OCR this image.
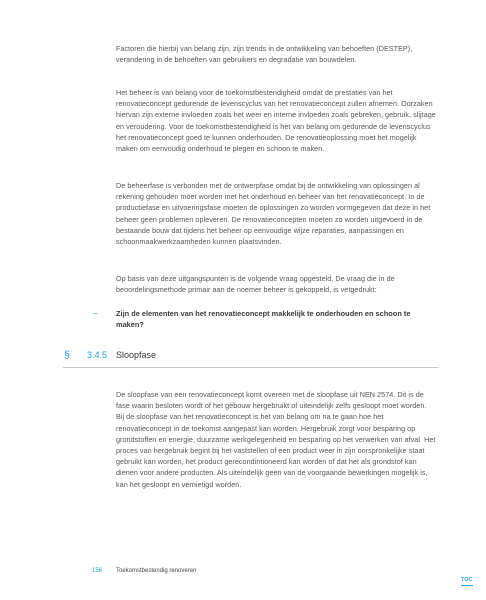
Factoren die hierbij van belang zijn, zijn trends in de ontwikkeling van behoeften (DESTEP), verandering in de behoeften van gebruikers en degradatie van bouwdelen.

Het beheer is van belang voor de toekomstbestendigheid omdat de prestaties van het renovatieconcept gedurende de levenscyclus van het renovatieconcept zullen afnemen. Oorzaken hiervan zijn externe invloeden zoals het weer en interne invloeden zoals gebreken, gebruik, slijtage en veroudering. Voor de toekomstbestendigheid is het van belang om gedurende de levenscyclus het renovatieconcept goed te kunnen onderhouden. De renovatieoplossing moet het mogelijk maken om eenvoudig onderhoud te plegen en schoon te maken.

De beheerfase is verbonden met de ontwerpfase omdat bij de ontwikkeling van oplossingen al rekening gehouden moet worden met het onderhoud en beheer van het renovatieconcept. In de productiefase en uitvoeringsfase moeten de oplossingen zo worden vormgegeven dat deze in het beheer geen problemen opleveren. De renovatieconcepten moeten zo worden uitgevoerd in de bestaande bouw dat tijdens het beheer op eenvoudige wijze reparaties, aanpassingen en schoonmaakwerkzaamheden kunnen plaatsvinden.

Op basis van deze uitgangspunten is de volgende vraag opgesteld. De vraag die in de beoordelingsmethode primair aan de noemer beheer is gekoppeld, is vetgedrukt:

–	Zijn de elementen van het renovatieconcept makkelijk te onderhouden en schoon te maken?

§ 3.4.5 Sloopfase

De sloopfase van een renovatieconcept komt overeen met de sloopfase uit NEN 2574. Dit is de fase waarin besloten wordt of het gebouw hergebruikt of uiteindelijk zelfs gesloopt moet worden. Bij de sloopfase van het renovatieconcept is het van belang om na te gaan hoe het renovatieconcept in de toekomst aangepast kan worden. Hergebruik zorgt voor besparing op grondstoffen en energie, duurzame werkgelegenheid en besparing op het verwerken van afval. Het proces van hergebruik begint bij het vaststellen of een product weer in zijn oorspronkelijke staat gebruikt kan worden, het product gerecondintioneerd kan worden of dat het als grondstof kan dienen voor andere producten. Als uiteindelijk geen van de voorgaande bewerkingen mogelijk is, kan het gesloopt en vernietigd worden.

156 Toekomstbestendig renoveren
TOC
